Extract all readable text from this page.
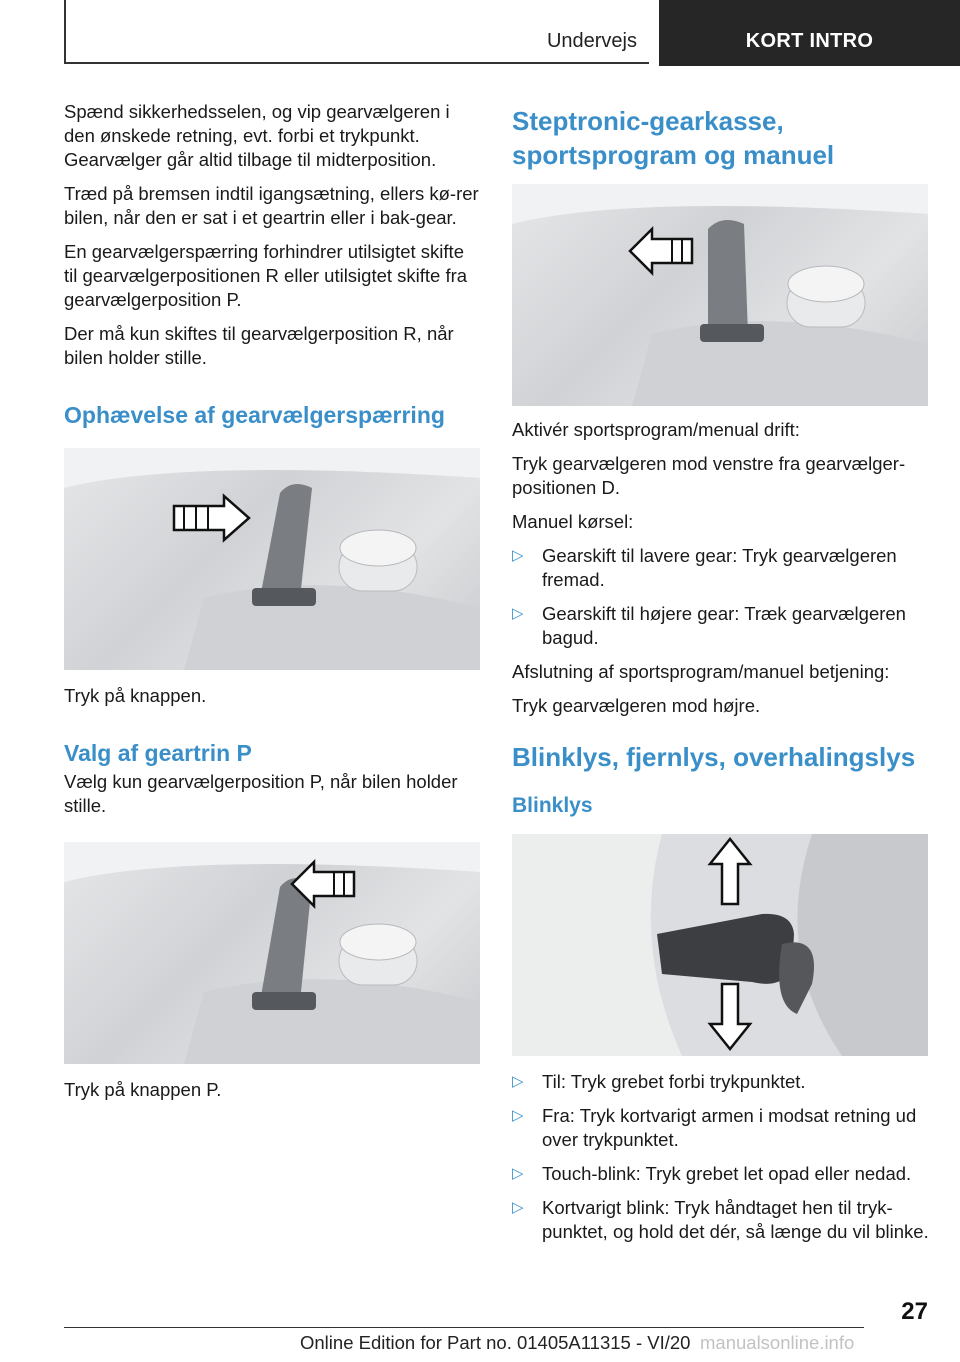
Undervejs	KORT INTRO

Spænd sikkerhedsselen, og vip gearvælgeren i den ønskede retning, evt. forbi et trykpunkt. Gearvælger går altid tilbage til midterposition.

Træd på bremsen indtil igangsætning, ellers kø-rer bilen, når den er sat i et geartrin eller i bak-gear.

En gearvælgerspærring forhindrer utilsigtet skifte til gearvælgerpositionen R eller utilsigtet skifte fra gearvælgerposition P.

Der må kun skiftes til gearvælgerposition R, når bilen holder stille.

Ophævelse af gearvælgerspærring

Tryk på knappen.

Valg af geartrin P

Vælg kun gearvælgerposition P, når bilen holder stille.

Tryk på knappen P.

Steptronic-gearkasse, sportsprogram og manuel

Aktivér sportsprogram/menual drift:

Tryk gearvælgeren mod venstre fra gearvælger-positionen D.

Manuel kørsel:

▷ Gearskift til lavere gear: Tryk gearvælgeren fremad.
▷ Gearskift til højere gear: Træk gearvælgeren bagud.

Afslutning af sportsprogram/manuel betjening:

Tryk gearvælgeren mod højre.

Blinklys, fjernlys, overhalingslys
Blinklys
▷ Til: Tryk grebet forbi trykpunktet.
▷ Fra: Tryk kortvarigt armen i modsat retning ud over trykpunktet.
▷ Touch-blink: Tryk grebet let opad eller nedad.
▷ Kortvarigt blink: Tryk håndtaget hen til tryk-punktet, og hold det dér, så længe du vil blinke.
27
Online Edition for Part no. 01405A11315 - VI/20 manualsonline.info
